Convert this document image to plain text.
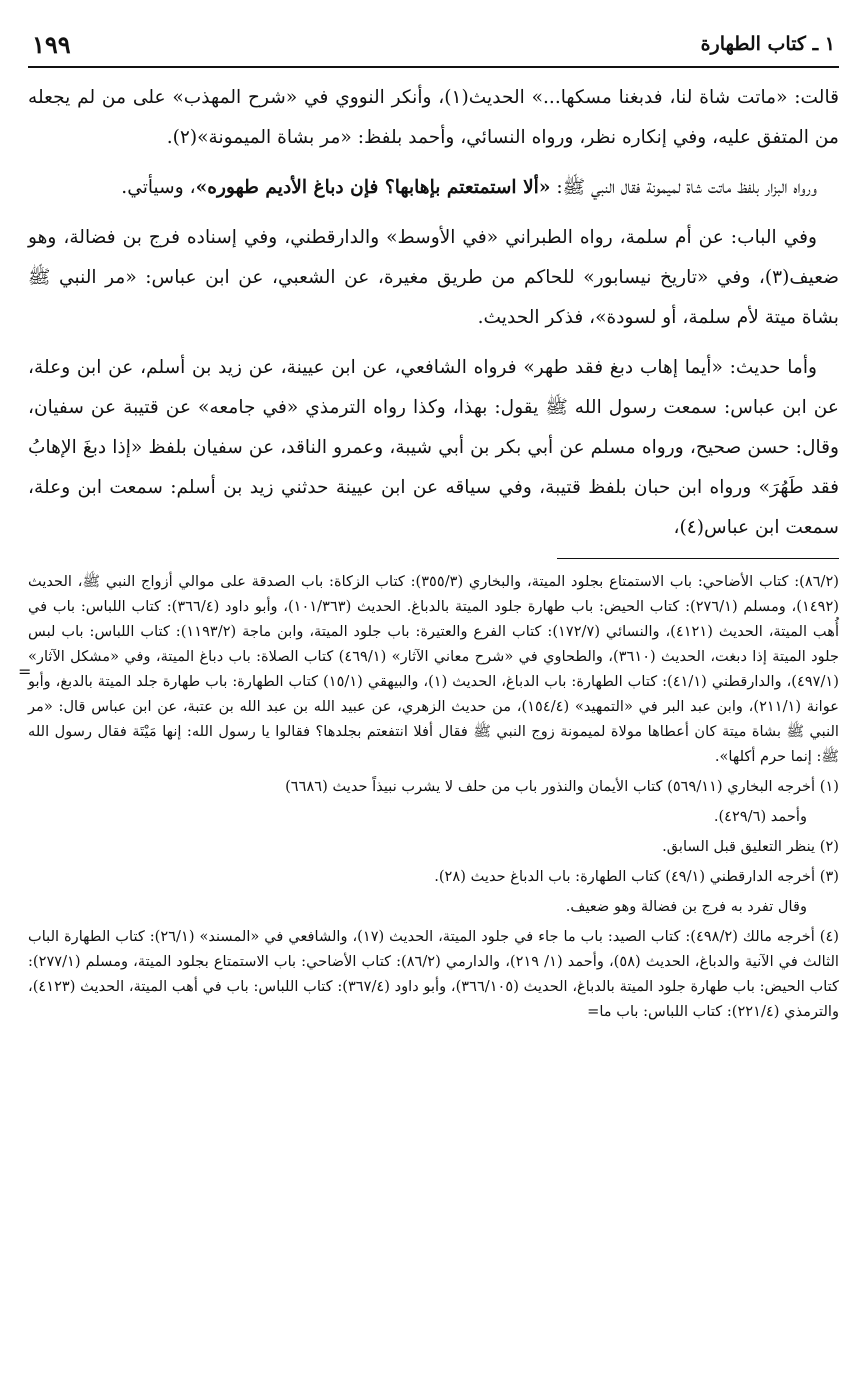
١ ـ كتاب الطهارة
١٩٩

قالت: «ماتت شاة لنا، فدبغنا مسكها...» الحديث(١)، وأنكر النووي في «شرح المهذب» على من لم يجعله من المتفق عليه، وفي إنكاره نظر، ورواه النسائي، وأحمد بلفظ: «مر بشاة الميمونة»(٢).

ورواه البزار بلفظ ماتت شاة لميمونة فقال النبي ﷺ: «ألا استمتعتم بإهابها؟ فإن دباغ الأديم طهوره»، وسيأتي.

وفي الباب: عن أم سلمة، رواه الطبراني «في الأوسط» والدارقطني، وفي إسناده فرج بن فضالة، وهو ضعيف(٣)، وفي «تاريخ نيسابور» للحاكم من طريق مغيرة، عن الشعبي، عن ابن عباس: «مر النبي ﷺ بشاة ميتة لأم سلمة، أو لسودة»، فذكر الحديث.

وأما حديث: «أيما إهاب دبغ فقد طهر» فرواه الشافعي، عن ابن عيينة، عن زيد بن أسلم، عن ابن وعلة، عن ابن عباس: سمعت رسول الله ﷺ يقول: بهذا، وكذا رواه الترمذي «في جامعه» عن قتيبة عن سفيان، وقال: حسن صحيح، ورواه مسلم عن أبي بكر بن أبي شيبة، وعمرو الناقد، عن سفيان بلفظ «إذا دبغَ الإهابُ فقد طَهُرَ» ورواه ابن حبان بلفظ قتيبة، وفي سياقه عن ابن عيينة حدثني زيد بن أسلم: سمعت ابن وعلة، سمعت ابن عباس(٤)،

(٨٦/٢): كتاب الأضاحي: باب الاستمتاع بجلود الميتة، والبخاري (٣٥٥/٣): كتاب الزكاة: باب الصدقة على موالي أزواج النبي ﷺ، الحديث (١٤٩٢)، ومسلم (٢٧٦/١): كتاب الحيض: باب طهارة جلود الميتة بالدباغ. الحديث (١٠١/٣٦٣)، وأبو داود (٣٦٦/٤): كتاب اللباس: باب في أُهب الميتة، الحديث (٤١٢١)، والنسائي (١٧٢/٧): كتاب الفرع والعتيرة: باب جلود الميتة، وابن ماجة (١١٩٣/٢): كتاب اللباس: باب لبس جلود الميتة إذا دبغت، الحديث (٣٦١٠)، والطحاوي في «شرح معاني الآثار» (٤٦٩/١) كتاب الصلاة: باب دباغ الميتة، وفي «مشكل الآثار» (٤٩٧/١)، والدارقطني (٤١/١): كتاب الطهارة: باب الدباغ، الحديث (١)، والبيهقي (١٥/١) كتاب الطهارة: باب طهارة جلد الميتة بالدبغ، وأبو عوانة (٢١١/١)، وابن عبد البر في «التمهيد» (١٥٤/٤)، من حديث الزهري، عن عبيد الله بن عبد الله بن عتبة، عن ابن عباس قال: «مر النبي ﷺ بشاة ميتة كان أعطاها مولاة لميمونة زوج النبي ﷺ فقال أفلا انتفعتم بجلدها؟ فقالوا يا رسول الله: إنها مَيْتَة فقال رسول الله ﷺ: إنما حرم أكلها».

(١) أخرجه البخاري (٥٦٩/١١) كتاب الأيمان والنذور باب من حلف لا يشرب نبيذاً حديث (٦٦٨٦)

وأحمد (٤٢٩/٦).

(٢) ينظر التعليق قبل السابق.

(٣) أخرجه الدارقطني (٤٩/١) كتاب الطهارة: باب الدباغ حديث (٢٨).

وقال تفرد به فرج بن فضالة وهو ضعيف.

(٤) أخرجه مالك (٤٩٨/٢): كتاب الصيد: باب ما جاء في جلود الميتة، الحديث (١٧)، والشافعي في «المسند» (٢٦/١): كتاب الطهارة الباب الثالث في الآنية والدباغ، الحديث (٥٨)، وأحمد (١/ ٢١٩)، والدارمي (٨٦/٢): كتاب الأضاحي: باب الاستمتاع بجلود الميتة، ومسلم (٢٧٧/١): كتاب الحيض: باب طهارة جلود الميتة بالدباغ، الحديث (٣٦٦/١٠٥)، وأبو داود (٣٦٧/٤): كتاب اللباس: باب في أهب الميتة، الحديث (٤١٢٣)، والترمذي (٢٢١/٤): كتاب اللباس: باب ما=

=
